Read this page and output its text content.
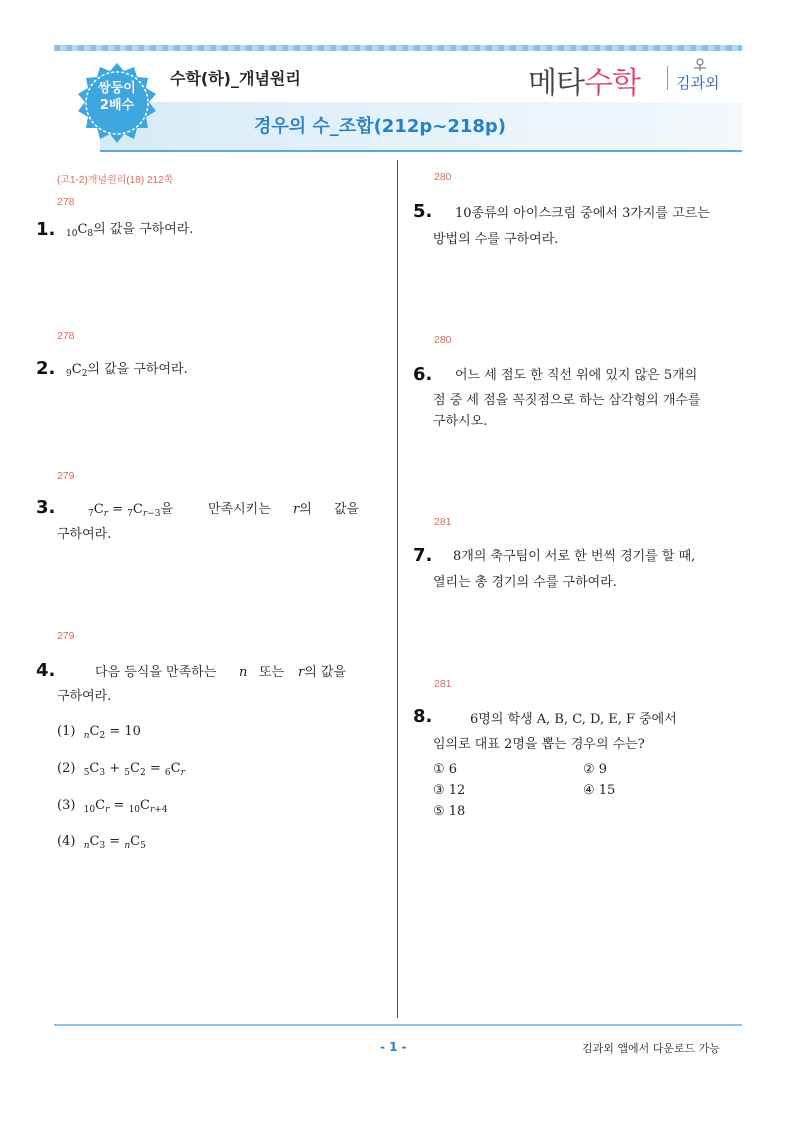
쌍둥이
2배수
수학(하)_개념원리
경우의 수_조합(212p~218p)
메타수학 김과외
(고1-2)개념원리(18) 212쪽
278
1. $_{10}C_8$의 값을 구하여라.
278
2. $_9C_2$의 값을 구하여라.
279
3.	$_7C_r = _7C_{r-3}$을	만족시키는 r의 값을
구하여라.
279
4.	다음 등식을 만족하는 n 또는 r의 값을
구하여라.
(1) $_nC_2 = 10$
(2) $_5C_3 + _5C_2 = _6C_r$
(3) $_{10}C_r = _{10}C_{r+4}$
(4) $_nC_3 = _nC_5$
280
5. 10종류의 아이스크림 중에서 3가지를 고르는
방법의 수를 구하여라.
280
6. 어느 세 점도 한 직선 위에 있지 않은 5개의
점 중 세 점을 꼭짓점으로 하는 삼각형의 개수를
구하시오.
281
7. 8개의 축구팀이 서로 한 번씩 경기를 할 때,
열리는 총 경기의 수를 구하여라.
281
8.	6명의 학생 A, B, C, D, E, F 중에서
임의로 대표 2명을 뽑는 경우의 수는?
① 6	② 9
③ 12	④ 15
⑤ 18
- 1 -	김과외 앱에서 다운로드 가능
